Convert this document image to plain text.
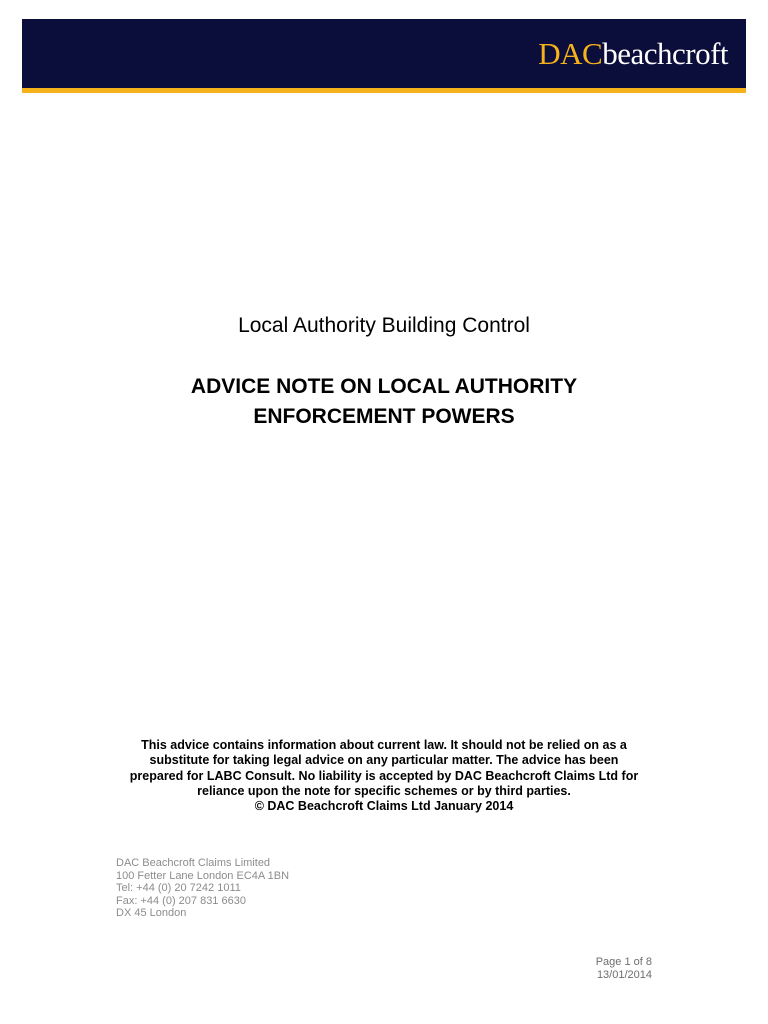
DACbeachcroft
Local Authority Building Control
ADVICE NOTE ON LOCAL AUTHORITY
ENFORCEMENT POWERS
This advice contains information about current law. It should not be relied on as a
substitute for taking legal advice on any particular matter. The advice has been
prepared for LABC Consult. No liability is accepted by DAC Beachcroft Claims Ltd for
reliance upon the note for specific schemes or by third parties.
© DAC Beachcroft Claims Ltd January 2014
DAC Beachcroft Claims Limited
100 Fetter Lane London EC4A 1BN
Tel: +44 (0) 20 7242 1011
Fax: +44 (0) 207 831 6630
DX 45 London
Page 1 of 8
13/01/2014
